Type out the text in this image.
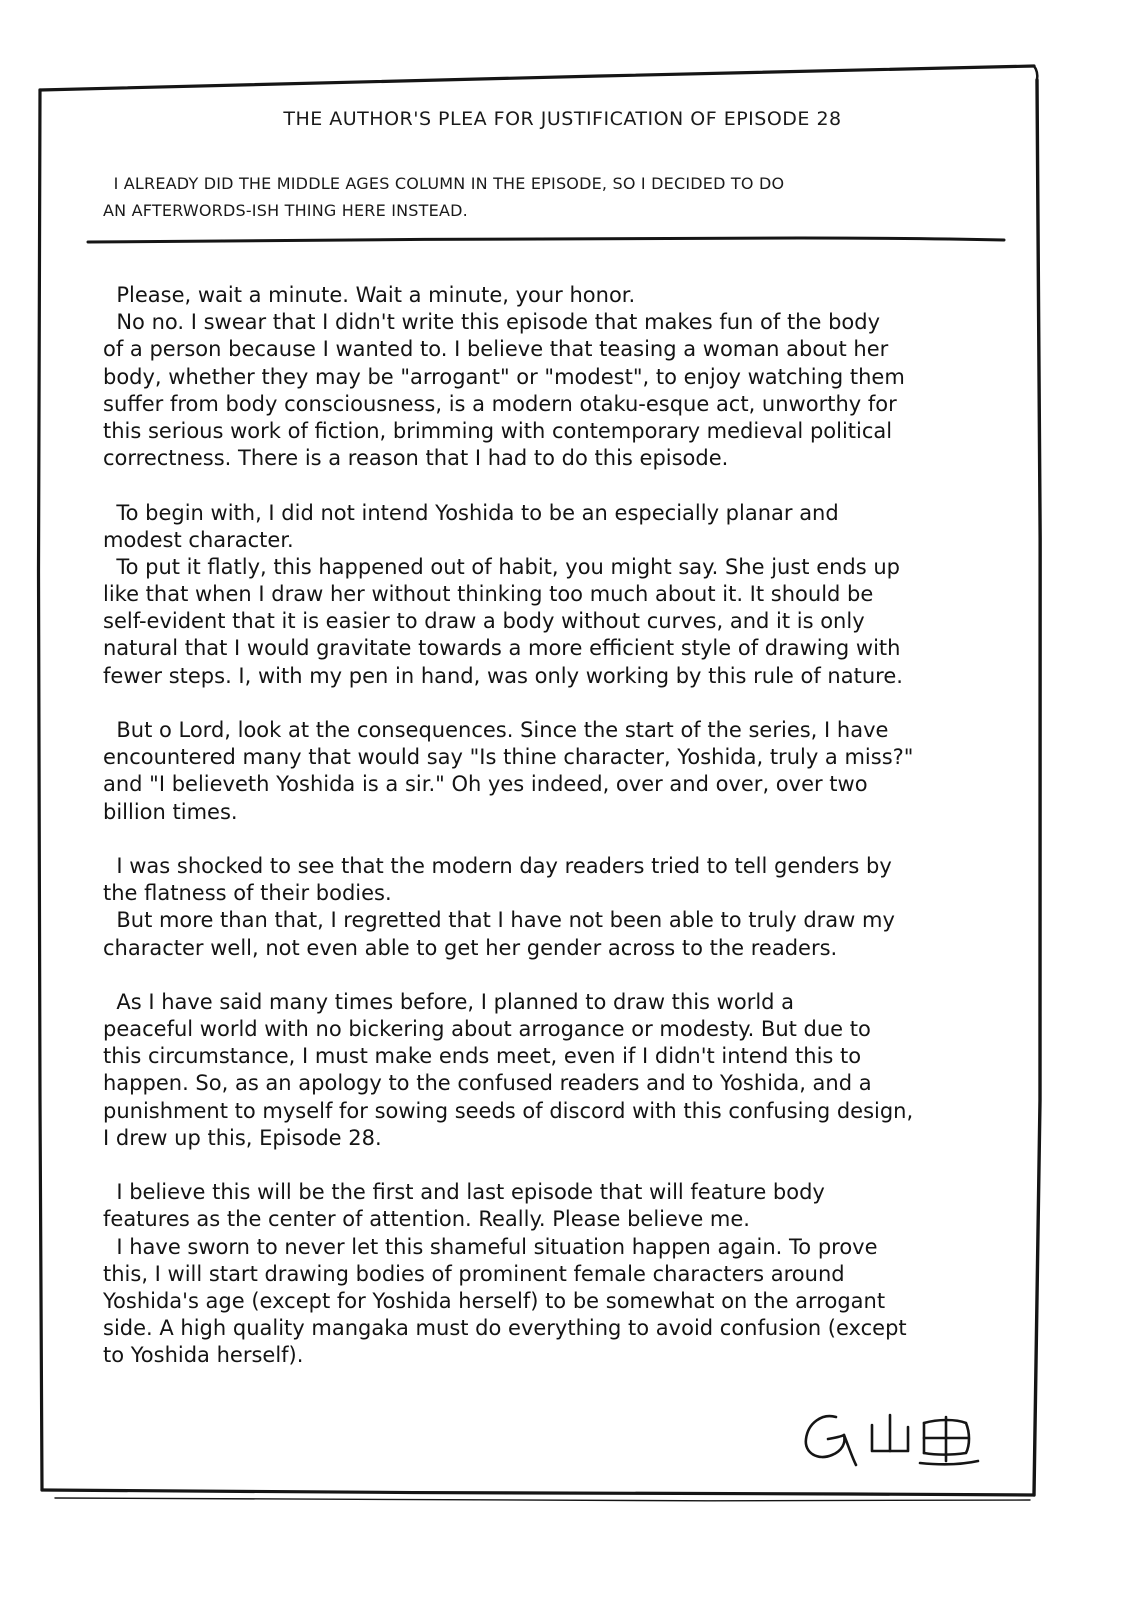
THE AUTHOR'S PLEA FOR JUSTIFICATION OF EPISODE 28
I ALREADY DID THE MIDDLE AGES COLUMN IN THE EPISODE, SO I DECIDED TO DO
AN AFTERWORDS-ISH THING HERE INSTEAD.
Please, wait a minute. Wait a minute, your honor.
No no. I swear that I didn't write this episode that makes fun of the body
of a person because I wanted to. I believe that teasing a woman about her
body, whether they may be "arrogant" or "modest", to enjoy watching them
suffer from body consciousness, is a modern otaku-esque act, unworthy for
this serious work of fiction, brimming with contemporary medieval political
correctness. There is a reason that I had to do this episode.
To begin with, I did not intend Yoshida to be an especially planar and
modest character.
To put it flatly, this happened out of habit, you might say. She just ends up
like that when I draw her without thinking too much about it. It should be
self-evident that it is easier to draw a body without curves, and it is only
natural that I would gravitate towards a more efficient style of drawing with
fewer steps. I, with my pen in hand, was only working by this rule of nature.
But o Lord, look at the consequences. Since the start of the series, I have
encountered many that would say "Is thine character, Yoshida, truly a miss?"
and "I believeth Yoshida is a sir." Oh yes indeed, over and over, over two
billion times.
I was shocked to see that the modern day readers tried to tell genders by
the flatness of their bodies.
But more than that, I regretted that I have not been able to truly draw my
character well, not even able to get her gender across to the readers.
As I have said many times before, I planned to draw this world a
peaceful world with no bickering about arrogance or modesty. But due to
this circumstance, I must make ends meet, even if I didn't intend this to
happen. So, as an apology to the confused readers and to Yoshida, and a
punishment to myself for sowing seeds of discord with this confusing design,
I drew up this, Episode 28.
I believe this will be the first and last episode that will feature body
features as the center of attention. Really. Please believe me.
I have sworn to never let this shameful situation happen again. To prove
this, I will start drawing bodies of prominent female characters around
Yoshida's age (except for Yoshida herself) to be somewhat on the arrogant
side. A high quality mangaka must do everything to avoid confusion (except
to Yoshida herself).
